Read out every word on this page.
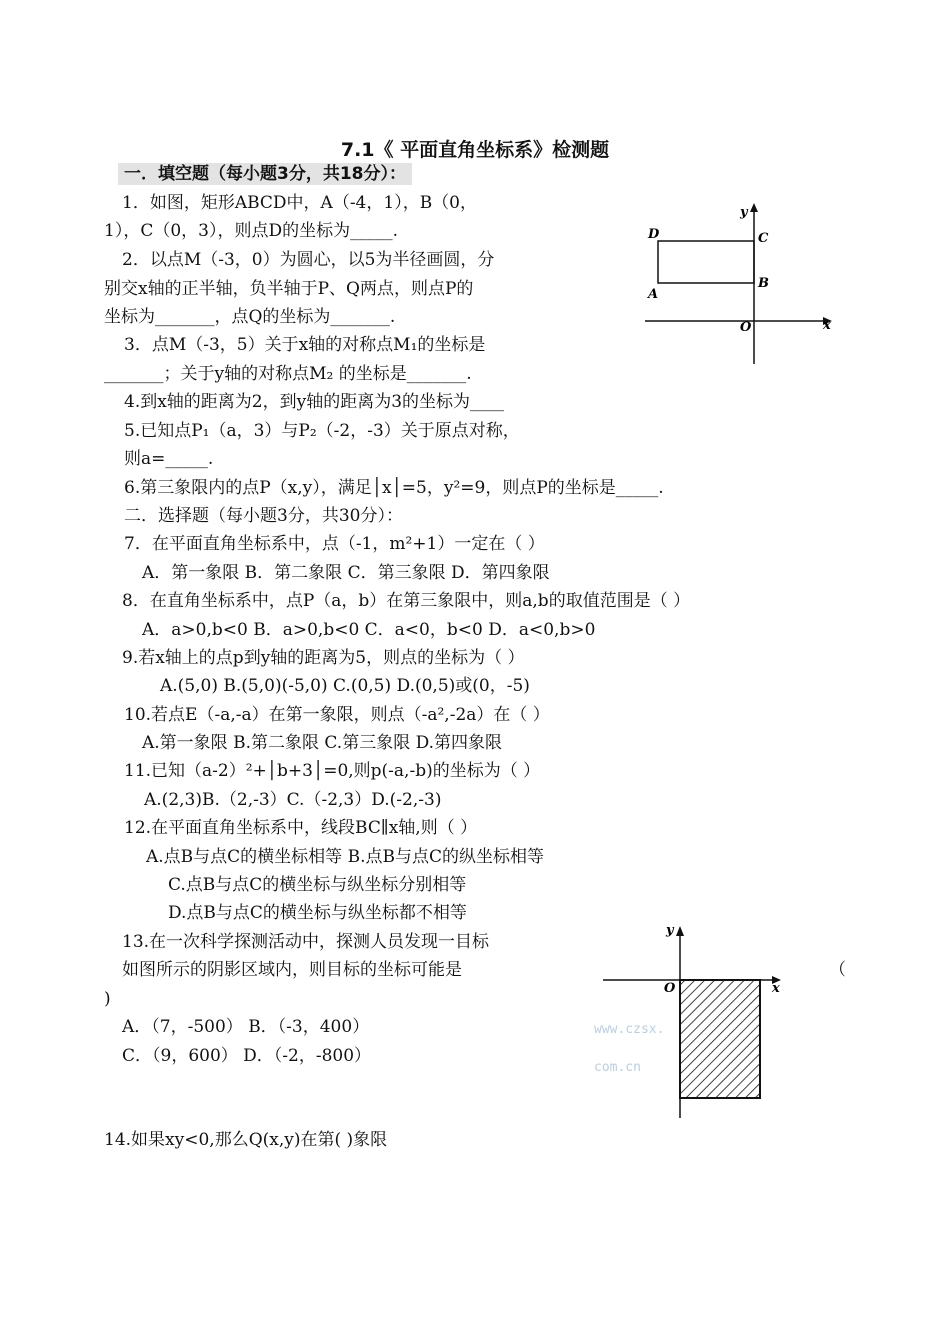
7.1《 平面直角坐标系》检测题
一．填空题（每小题3分，共18分）：
1．如图，矩形ABCD中，A（-4，1），B（0，
1），C（0，3），则点D的坐标为_____.
2．以点M（-3，0）为圆心，以5为半径画圆，分
别交x轴的正半轴，负半轴于P、Q两点，则点P的
坐标为_______，点Q的坐标为_______.
3．点M（-3，5）关于x轴的对称点M₁的坐标是
_______；关于y轴的对称点M₂ 的坐标是_______.
4.到x轴的距离为2，到y轴的距离为3的坐标为____
5.已知点P₁（a，3）与P₂（-2，-3）关于原点对称，
则a=_____.
6.第三象限内的点P（x,y），满足│x│=5，y²=9，则点P的坐标是_____.
二．选择题（每小题3分，共30分）：
7．在平面直角坐标系中，点（-1，m²+1）一定在（ ）
A．第一象限 B．第二象限 C．第三象限 D．第四象限
8．在直角坐标系中，点P（a，b）在第三象限中，则a,b的取值范围是（ ）
A．a>0,b<0 B．a>0,b<0 C．a<0，b<0 D．a<0,b>0
9.若x轴上的点p到y轴的距离为5，则点的坐标为（ ）
A.(5,0) B.(5,0)(-5,0) C.(0,5) D.(0,5)或(0，-5)
10.若点E（-a,-a）在第一象限，则点（-a²,-2a）在（ ）
A.第一象限 B.第二象限 C.第三象限 D.第四象限
11.已知（a-2）²+│b+3│=0,则p(-a,-b)的坐标为（ ）
A.(2,3)B.（2,-3）C.（-2,3）D.(-2,-3)
12.在平面直角坐标系中，线段BC∥x轴,则（ ）
A.点B与点C的横坐标相等 B.点B与点C的纵坐标相等
C.点B与点C的横坐标与纵坐标分别相等
D.点B与点C的横坐标与纵坐标都不相等
13.在一次科学探测活动中，探测人员发现一目标
如图所示的阴影区域内，则目标的坐标可能是	（
)
A．（7，-500） B．（-3，400）
C．（9，600） D．（-2，-800）
14.如果xy<0,那么Q(x,y)在第( )象限
www.czsx.
com.cn
y
D	C
B
A
O	x
y
O	x
